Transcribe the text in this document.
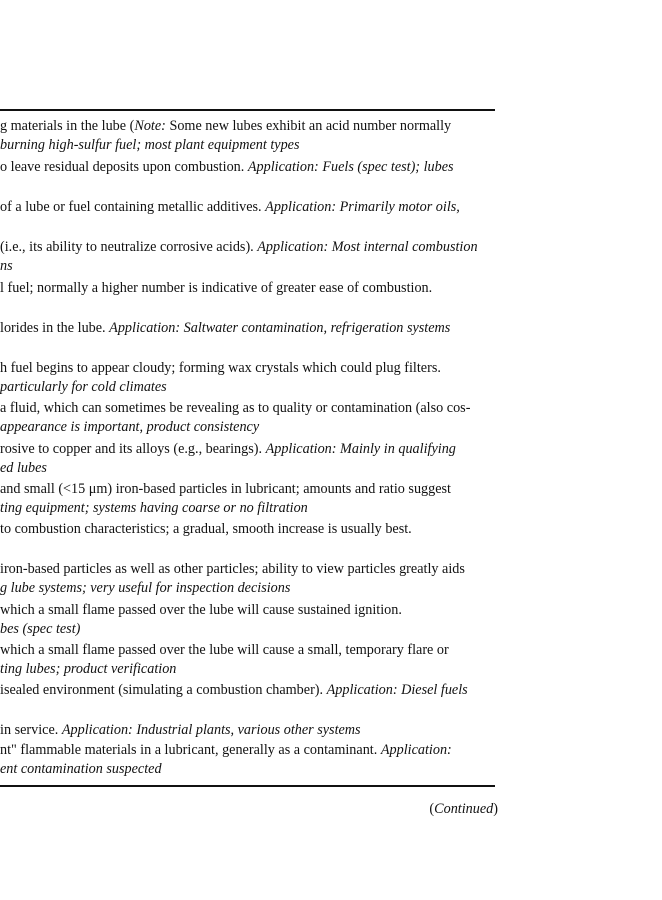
g materials in the lube (Note: Some new lubes exhibit an acid number normally
burning high-sulfur fuel; most plant equipment types
o leave residual deposits upon combustion. Application: Fuels (spec test); lubes
of a lube or fuel containing metallic additives. Application: Primarily motor oils,
(i.e., its ability to neutralize corrosive acids). Application: Most internal combustion
ns
l fuel; normally a higher number is indicative of greater ease of combustion.
lorides in the lube. Application: Saltwater contamination, refrigeration systems
h fuel begins to appear cloudy; forming wax crystals which could plug filters.
particularly for cold climates
a fluid, which can sometimes be revealing as to quality or contamination (also cos-
appearance is important, product consistency
rosive to copper and its alloys (e.g., bearings). Application: Mainly in qualifying
ed lubes
and small (<15 μm) iron-based particles in lubricant; amounts and ratio suggest
ting equipment; systems having coarse or no filtration
to combustion characteristics; a gradual, smooth increase is usually best.
iron-based particles as well as other particles; ability to view particles greatly aids
g lube systems; very useful for inspection decisions
which a small flame passed over the lube will cause sustained ignition.
bes (spec test)
which a small flame passed over the lube will cause a small, temporary flare or
ting lubes; product verification
isealed environment (simulating a combustion chamber). Application: Diesel fuels
in service. Application: Industrial plants, various other systems
nt" flammable materials in a lubricant, generally as a contaminant. Application:
ent contamination suspected
(Continued)
